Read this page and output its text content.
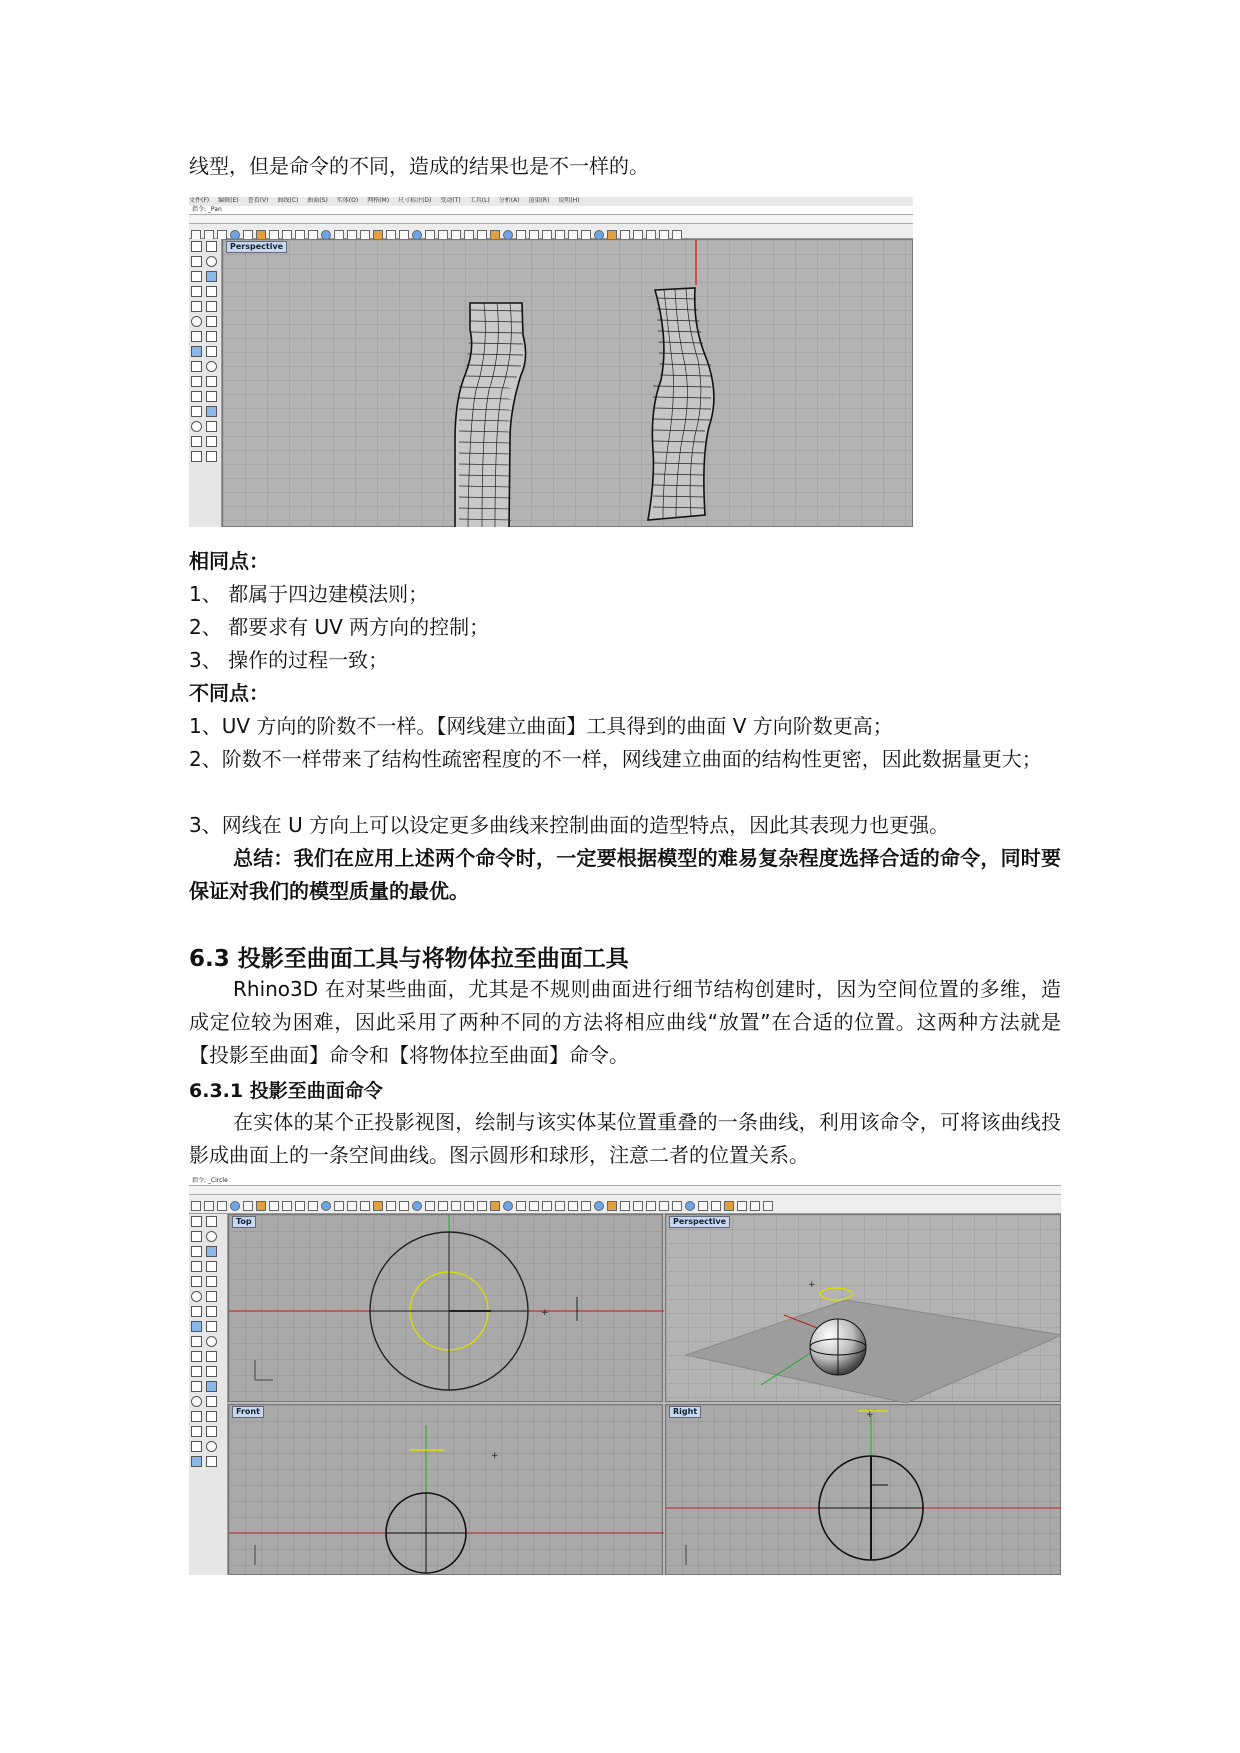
线型，但是命令的不同，造成的结果也是不一样的。

文件(F) 编辑(E) 查看(V) 曲线(C) 曲面(S) 实体(O) 网格(M) 尺寸标注(D) 变动(T) 工具(L) 分析(A) 渲染(R) 说明(H)
指令: _Pan
Perspective

相同点：

1、 都属于四边建模法则；

2、 都要求有 UV 两方向的控制；

3、 操作的过程一致；

不同点：

1、UV 方向的阶数不一样。【网线建立曲面】工具得到的曲面 V 方向阶数更高；

2、阶数不一样带来了结构性疏密程度的不一样，网线建立曲面的结构性更密，因此数据量更大；

3、网线在 U 方向上可以设定更多曲线来控制曲面的造型特点，因此其表现力也更强。

总结：我们在应用上述两个命令时，一定要根据模型的难易复杂程度选择合适的命令，同时要保证对我们的模型质量的最优。

6.3 投影至曲面工具与将物体拉至曲面工具

Rhino3D 在对某些曲面，尤其是不规则曲面进行细节结构创建时，因为空间位置的多维，造成定位较为困难，因此采用了两种不同的方法将相应曲线“放置”在合适的位置。这两种方法就是【投影至曲面】命令和【将物体拉至曲面】命令。

6.3.1 投影至曲面命令

在实体的某个正投影视图，绘制与该实体某位置重叠的一条曲线，利用该命令，可将该曲线投影成曲面上的一条空间曲线。图示圆形和球形，注意二者的位置关系。

指令: _Circle
Top
+
Perspective
+
Front
+
Right	+
